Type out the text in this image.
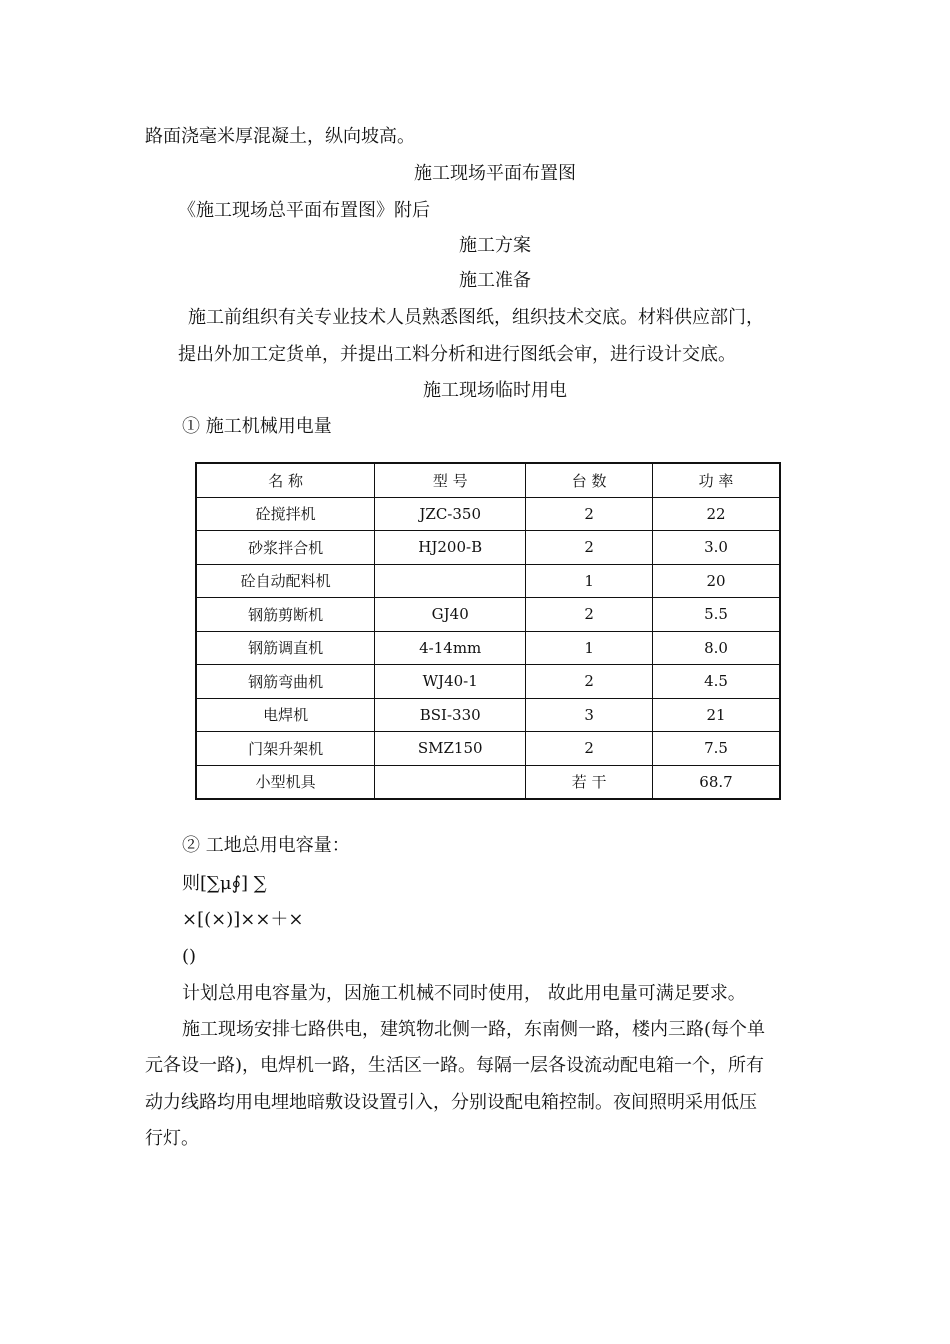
路面浇毫米厚混凝土，纵向坡高。
施工现场平面布置图
《施工现场总平面布置图》附后
施工方案
施工准备
施工前组织有关专业技术人员熟悉图纸，组织技术交底。材料供应部门，
提出外加工定货单，并提出工料分析和进行图纸会审，进行设计交底。
施工现场临时用电
① 施工机械用电量
名 称	型 号	台 数	功 率
砼搅拌机	JZC-350	2	22
砂浆拌合机	HJ200-B	2	3.0
砼自动配料机		1	20
钢筋剪断机	GJ40	2	5.5
钢筋调直机	4-14mm	1	8.0
钢筋弯曲机	WJ40-1	2	4.5
电焊机	BSI-330	3	21
门架升架机	SMZ150	2	7.5
小型机具		若 干	68.7
② 工地总用电容量：
则[∑μ∮] ∑
×[(×)]××＋×
()
计划总用电容量为，因施工机械不同时使用， 故此用电量可满足要求。
施工现场安排七路供电，建筑物北侧一路，东南侧一路，楼内三路(每个单
元各设一路)，电焊机一路，生活区一路。每隔一层各设流动配电箱一个，所有
动力线路均用电埋地暗敷设设置引入，分别设配电箱控制。夜间照明采用低压
行灯。
